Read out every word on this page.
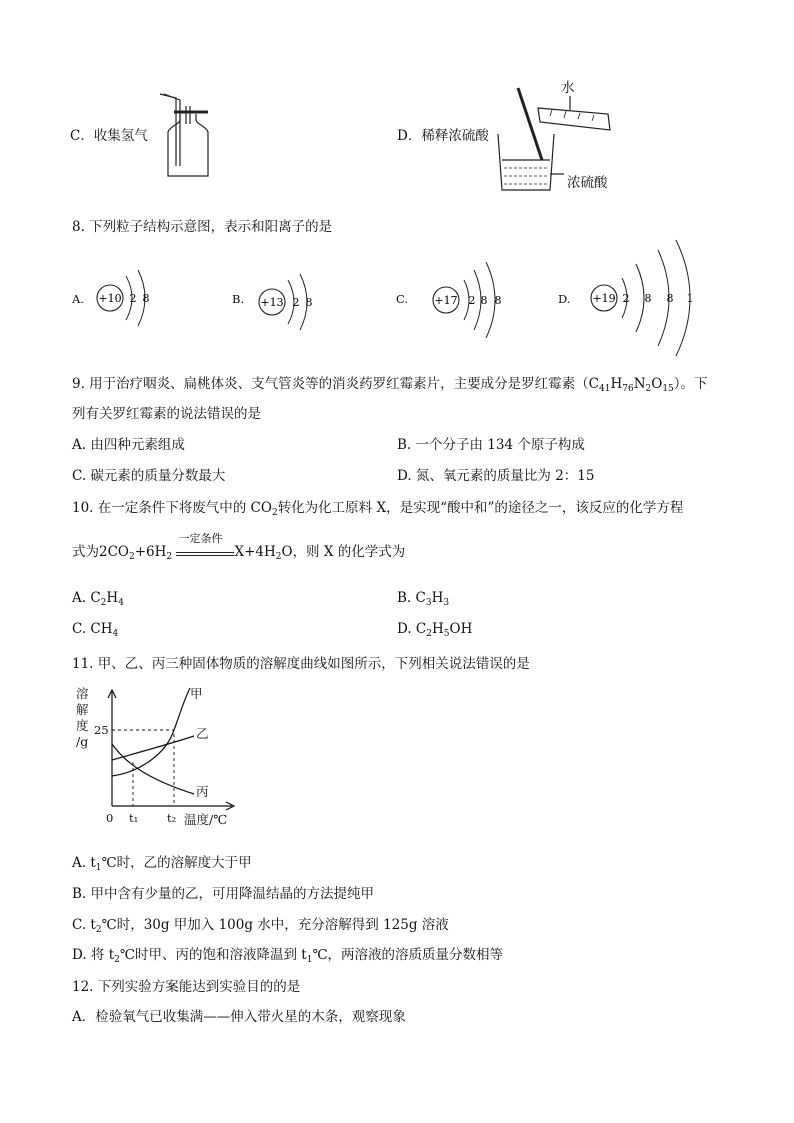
C．收集氢气	D．稀释浓硫酸
水
浓硫酸
8. 下列粒子结构示意图，表示和阳离子的是
A. +10 2 8	B. +13 2 8	C. +17 2 8 8	D. +19 2 8 8 1
9. 用于治疗咽炎、扁桃体炎、支气管炎等的消炎药罗红霉素片，主要成分是罗红霉素$(C_{41}H_{76}N_2O_{15})$。下
列有关罗红霉素的说法错误的是
A. 由四种元素组成	B. 一个分子由 134 个原子构成
C. 碳元素的质量分数最大	D. 氮、氧元素的质量比为 2：15
10. 在一定条件下将废气中的 $CO_2$转化为化工原料 X，是实现“酸中和”的途径之一，该反应的化学方程
式为$2CO_2+6H_2$
一定条件
$X+4H_2O$，则 X 的化学式为
A. $C_2H_4$	B. $C_3H_3$
C. $CH_4$	D. $C_2H_5OH$
11. 甲、乙、丙三种固体物质的溶解度曲线如图所示，下列相关说法错误的是
溶
解
度
/g
25
0 t₁	t₂ 温度/℃
甲
乙
丙
A. $t_1℃$时，乙的溶解度大于甲
B. 甲中含有少量的乙，可用降温结晶的方法提纯甲
C. $t_2℃$时，30g 甲加入 100g 水中，充分溶解得到 125g 溶液
D. 将 $t_2℃$时甲、丙的饱和溶液降温到 $t_1℃$，两溶液的溶质质量分数相等
12. 下列实验方案能达到实验目的的是
A．检验氧气已收集满——伸入带火星的木条，观察现象
